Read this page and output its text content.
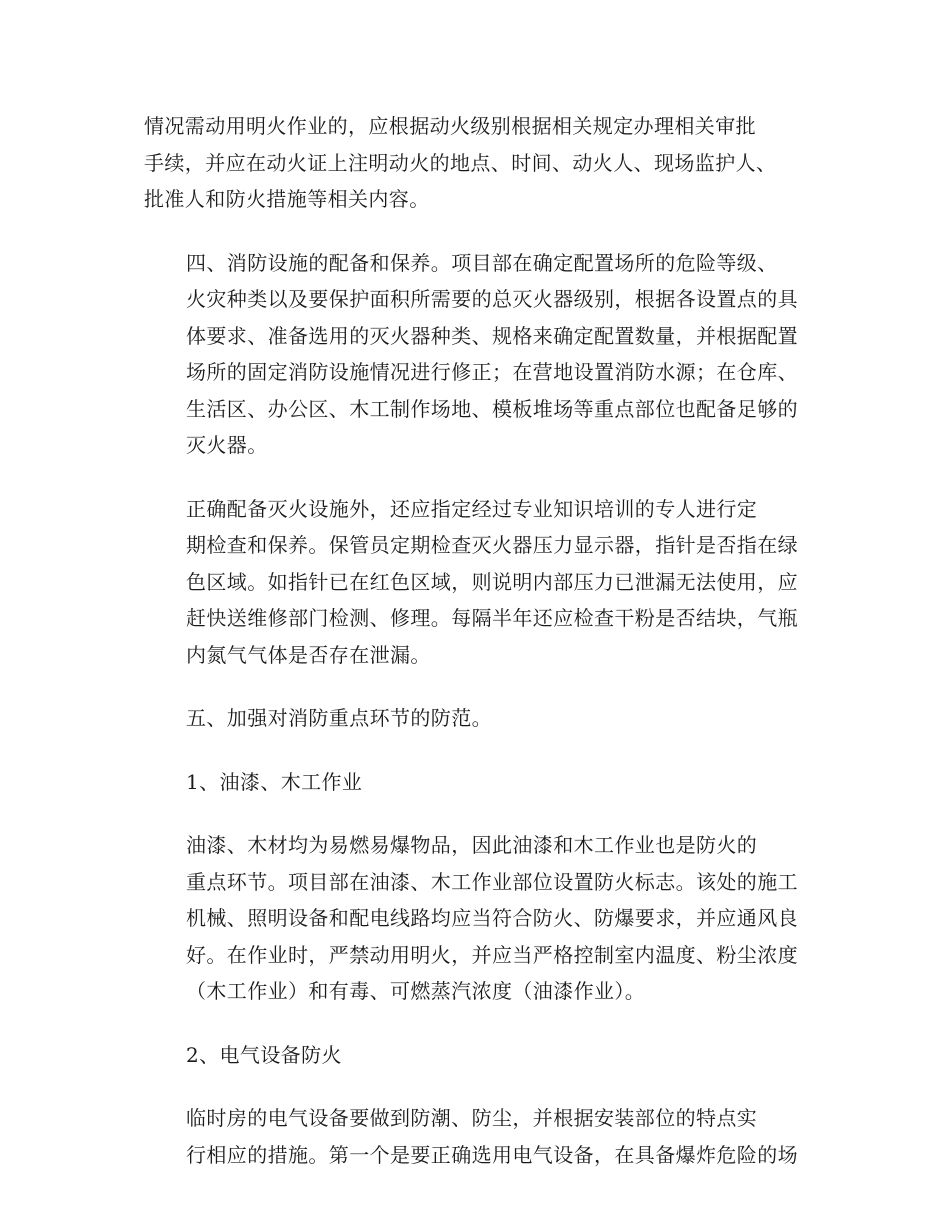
情况需动用明火作业的，应根据动火级别根据相关规定办理相关审批
手续，并应在动火证上注明动火的地点、时间、动火人、现场监护人、
批准人和防火措施等相关内容。

四、消防设施的配备和保养。项目部在确定配置场所的危险等级、
火灾种类以及要保护面积所需要的总灭火器级别，根据各设置点的具
体要求、准备选用的灭火器种类、规格来确定配置数量，并根据配置
场所的固定消防设施情况进行修正；在营地设置消防水源；在仓库、
生活区、办公区、木工制作场地、模板堆场等重点部位也配备足够的
灭火器。

正确配备灭火设施外，还应指定经过专业知识培训的专人进行定
期检查和保养。保管员定期检查灭火器压力显示器，指针是否指在绿
色区域。如指针已在红色区域，则说明内部压力已泄漏无法使用，应
赶快送维修部门检测、修理。每隔半年还应检查干粉是否结块，气瓶
内氮气气体是否存在泄漏。

五、加强对消防重点环节的防范。

1、油漆、木工作业

油漆、木材均为易燃易爆物品，因此油漆和木工作业也是防火的
重点环节。项目部在油漆、木工作业部位设置防火标志。该处的施工
机械、照明设备和配电线路均应当符合防火、防爆要求，并应通风良
好。在作业时，严禁动用明火，并应当严格控制室内温度、粉尘浓度
（木工作业）和有毒、可燃蒸汽浓度（油漆作业）。

2、电气设备防火

临时房的电气设备要做到防潮、防尘，并根据安装部位的特点实
行相应的措施。第一个是要正确选用电气设备，在具备爆炸危险的场
